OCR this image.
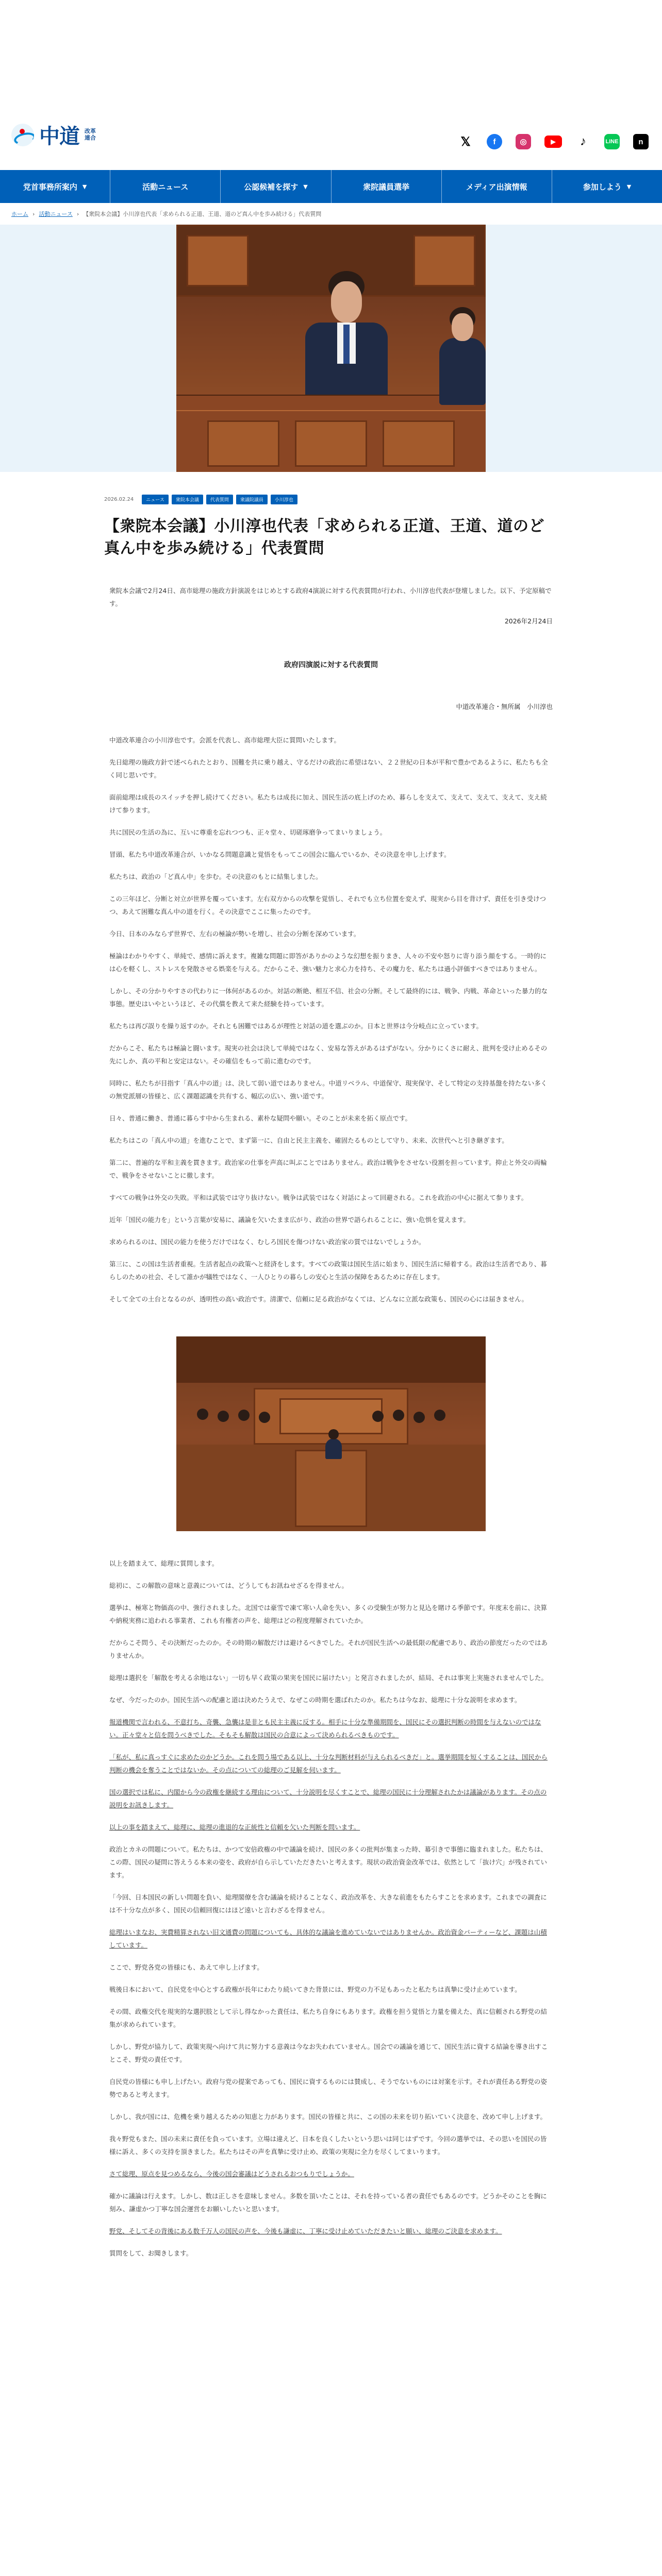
中道 改革
連合	𝕏	f	◎	▶	♪	LINE	n
党首事務所案内 ▼	活動ニュース	公認候補を探す ▼	衆院議員選挙	メディア出演情報	参加しよう ▼
ホーム › 活動ニュース › 【衆院本会議】小川淳也代表「求められる正道、王道、道のど真ん中を歩み続ける」代表質問
2026.02.24	ニュース	衆院本会議	代表質問	衆議院議員	小川淳也
【衆院本会議】小川淳也代表「求められる正道、王道、道のど真ん中を歩み続ける」代表質問

衆院本会議で2月24日、高市総理の施政方針演説をはじめとする政府4演説に対する代表質問が行われ、小川淳也代表が登壇しました。以下、予定原稿です。

2026年2月24日

政府四演説に対する代表質問

中道改革連合・無所属　小川淳也

中道改革連合の小川淳也です。会派を代表し、高市総理大臣に質問いたします。

先日総理の施政方針で述べられたとおり、国難を共に乗り越え、守るだけの政治に希望はない、２２世紀の日本が平和で豊かであるように、私たちも全く同じ思いです。

面前総理は成長のスイッチを押し続けてください。私たちは成長に加え、国民生活の底上げのため、暮らしを支えて、支えて、支えて、支えて、支え続けて参ります。

共に国民の生活の為に、互いに尊重を忘れつつも、正々堂々、切磋琢磨争ってまいりましょう。

冒頭、私たち中道改革連合が、いかなる問題意識と覚悟をもってこの国会に臨んでいるか、その決意を申し上げます。

私たちは、政治の「ど真ん中」を歩む。その決意のもとに結集しました。

この三年ほど、分断と対立が世界を覆っています。左右双方からの攻撃を覚悟し、それでも立ち位置を変えず、現実から目を背けず、責任を引き受けつつ、あえて困難な真ん中の道を行く。その決意でここに集ったのです。

今日、日本のみならず世界で、左右の極論が勢いを増し、社会の分断を深めています。

極論はわかりやすく、単純で、感情に訴えます。複雑な問題に即答がありかのような幻想を振りまき、人々の不安や怒りに寄り添う顔をする。一時的には心を軽くし、ストレスを発散させる娯楽を与える。だからこそ、強い魅力と求心力を持ち、その魔力を、私たちは過小評価すべきではありません。

しかし、その分かりやすさの代わりに一体何があるのか。対話の断絶、相互不信、社会の分断。そして最終的には、戦争、内戦、革命といった暴力的な事態。歴史はいやというほど、その代償を教えて来た経験を持っています。

私たちは再び誤りを繰り返すのか。それとも困難ではあるが理性と対話の道を選ぶのか。日本と世界は今分岐点に立っています。

だからこそ、私たちは極論と闘います。現実の社会は決して単純ではなく、安易な答えがあるはずがない。分かりにくさに耐え、批判を受け止めるその先にしか、真の平和と安定はない。その確信をもって前に進むのです。

同時に、私たちが目指す「真ん中の道」は、決して弱い道ではありません。中道リベラル、中道保守、現実保守、そして特定の支持基盤を持たない多くの無党派層の皆様と、広く課題認識を共有する、幅広の広い、強い道です。

日々、普通に働き、普通に暮らす中から生まれる、素朴な疑問や願い。そのことが未来を拓く原点です。

私たちはこの「真ん中の道」を進むことで、まず第一に、自由と民主主義を、確固たるものとして守り、未来、次世代へと引き継ぎます。

第二に、普遍的な平和主義を貫きます。政治家の仕事を声高に叫ぶことではありません。政治は戦争をさせない役割を担っています。抑止と外交の両輪で、戦争をさせないことに徹します。

すべての戦争は外交の失敗。平和は武装では守り抜けない。戦争は武装ではなく対話によって回避される。これを政治の中心に据えて参ります。

近年「国民の能力を」という言葉が安易に、議論を欠いたまま広がり、政治の世界で語られることに、強い危惧を覚えます。

求められるのは、国民の能力を使うだけではなく、むしろ国民を傷つけない政治家の質ではないでしょうか。

第三に、この国は生活者重視。生活者起点の政策へと経済をします。すべての政策は国民生活に始まり、国民生活に帰着する。政治は生活者であり、暮らしのための社会、そして誰かが犠牲ではなく、一人ひとりの暮らしの安心と生活の保障をあるために存在します。

そして全ての土台となるのが、透明性の高い政治です。清潔で、信頼に足る政治がなくては、どんなに立派な政策も、国民の心には届きません。

以上を踏まえて、総理に質問します。

総初に、この解散の意味と意義については、どうしてもお訊ねせざるを得ません。

選挙は、極寒と物価高の中、強行されました。北国では豪雪で凍て寒い人命を失い、多くの受験生が努力と見込を賭ける季節です。年度末を前に、決算や納税実務に追われる事業者、これも有権者の声を、総理はどの程度理解されていたか。

だからこそ問う、その決断だったのか。その時期の解散だけは避けるべきでした。それが国民生活への最低限の配慮であり、政治の節度だったのではありませんか。

総理は選択を「解散を考える余地はない」一切も早く政策の果実を国民に届けたい」と発言されましたが、結局、それは事実上実施されませんでした。

なぜ、今だったのか。国民生活への配慮と道は決めたうえで、なぜこの時期を選ばれたのか。私たちは今なお、総理に十分な説明を求めます。

報道機関で言われる、不意打ち、奇襲、急襲は是非とも民主主義に反する。相手に十分な準備期間を、国民にその選択判断の時間を与えないのではない。正々堂々と信を問うべきでした。そもそも解散は国民の合意によって決められるべきものです。

「私が、私に真っすぐに求めたのかどうか。これを問う場である以上、十分な判断材料が与えられるべきだ」と。選挙期間を短くすることは、国民から判断の機会を奪うことではないか。その点についての総理のご見解を伺います。

国の選択では私に、内閣から今の政権を継続する理由について、十分説明を尽くすことで、総理の国民に十分理解されたかは議論があります。その点の説明をお訊きします。

以上の事を踏まえて、総理に、総理の進退的な正統性と信頼を欠いた判断を問います。

政治とカネの問題について。私たちは、かつて安倍政権の中で議論を続け、国民の多くの批判が集まった時、幕引きで事態に臨まれました。私たちは、この際、国民の疑問に答えうる本来の姿を、政府が自ら示していただきたいと考えます。現状の政治資金改革では、依然として「抜け穴」が残されています。

「今回、日本国民の新しい問題を負い、総理閣僚を含む議論を続けることなく、政治改革を、大きな前進をもたらすことを求めます。これまでの調査には不十分な点が多く、国民の信頼回復にはほど遠いと言わざるを得ません。

総理はいまなお、実費精算されない旧文通費の問題についても、具体的な議論を進めていないではありませんか。政治資金パーティーなど、課題は山積しています。

ここで、野党各党の皆様にも、あえて申し上げます。

戦後日本において、自民党を中心とする政権が長年にわたり続いてきた背景には、野党の力不足もあったと私たちは真摯に受け止めています。

その間、政権交代を現実的な選択肢として示し得なかった責任は、私たち自身にもあります。政権を担う覚悟と力量を備えた、真に信頼される野党の結集が求められています。

しかし、野党が協力して、政策実現へ向けて共に努力する意義は今なお失われていません。国会での議論を通じて、国民生活に資する結論を導き出すことこそ、野党の責任です。

自民党の皆様にも申し上げたい。政府与党の提案であっても、国民に資するものには賛成し、そうでないものには対案を示す。それが責任ある野党の姿勢であると考えます。

しかし、我が国には、危機を乗り越えるための知恵と力があります。国民の皆様と共に、この国の未来を切り拓いていく決意を、改めて申し上げます。

我々野党もまた、国の未来に責任を負っています。立場は違えど、日本を良くしたいという思いは同じはずです。今回の選挙では、その思いを国民の皆様に訴え、多くの支持を頂きました。私たちはその声を真摯に受け止め、政策の実現に全力を尽くしてまいります。

さて総理、原点を見つめるなら、今後の国会審議はどうされるおつもりでしょうか。

確かに議論は行えます。しかし、数は正しさを意味しません。多数を頂いたことは、それを持っている者の責任でもあるのです。どうかそのことを胸に刻み、謙虚かつ丁寧な国会運営をお願いしたいと思います。

野党、そしてその背後にある数千万人の国民の声を、今後も謙虚に、丁寧に受け止めていただきたいと願い、総理のご決意を求めます。

質問をして、お聞きします。
